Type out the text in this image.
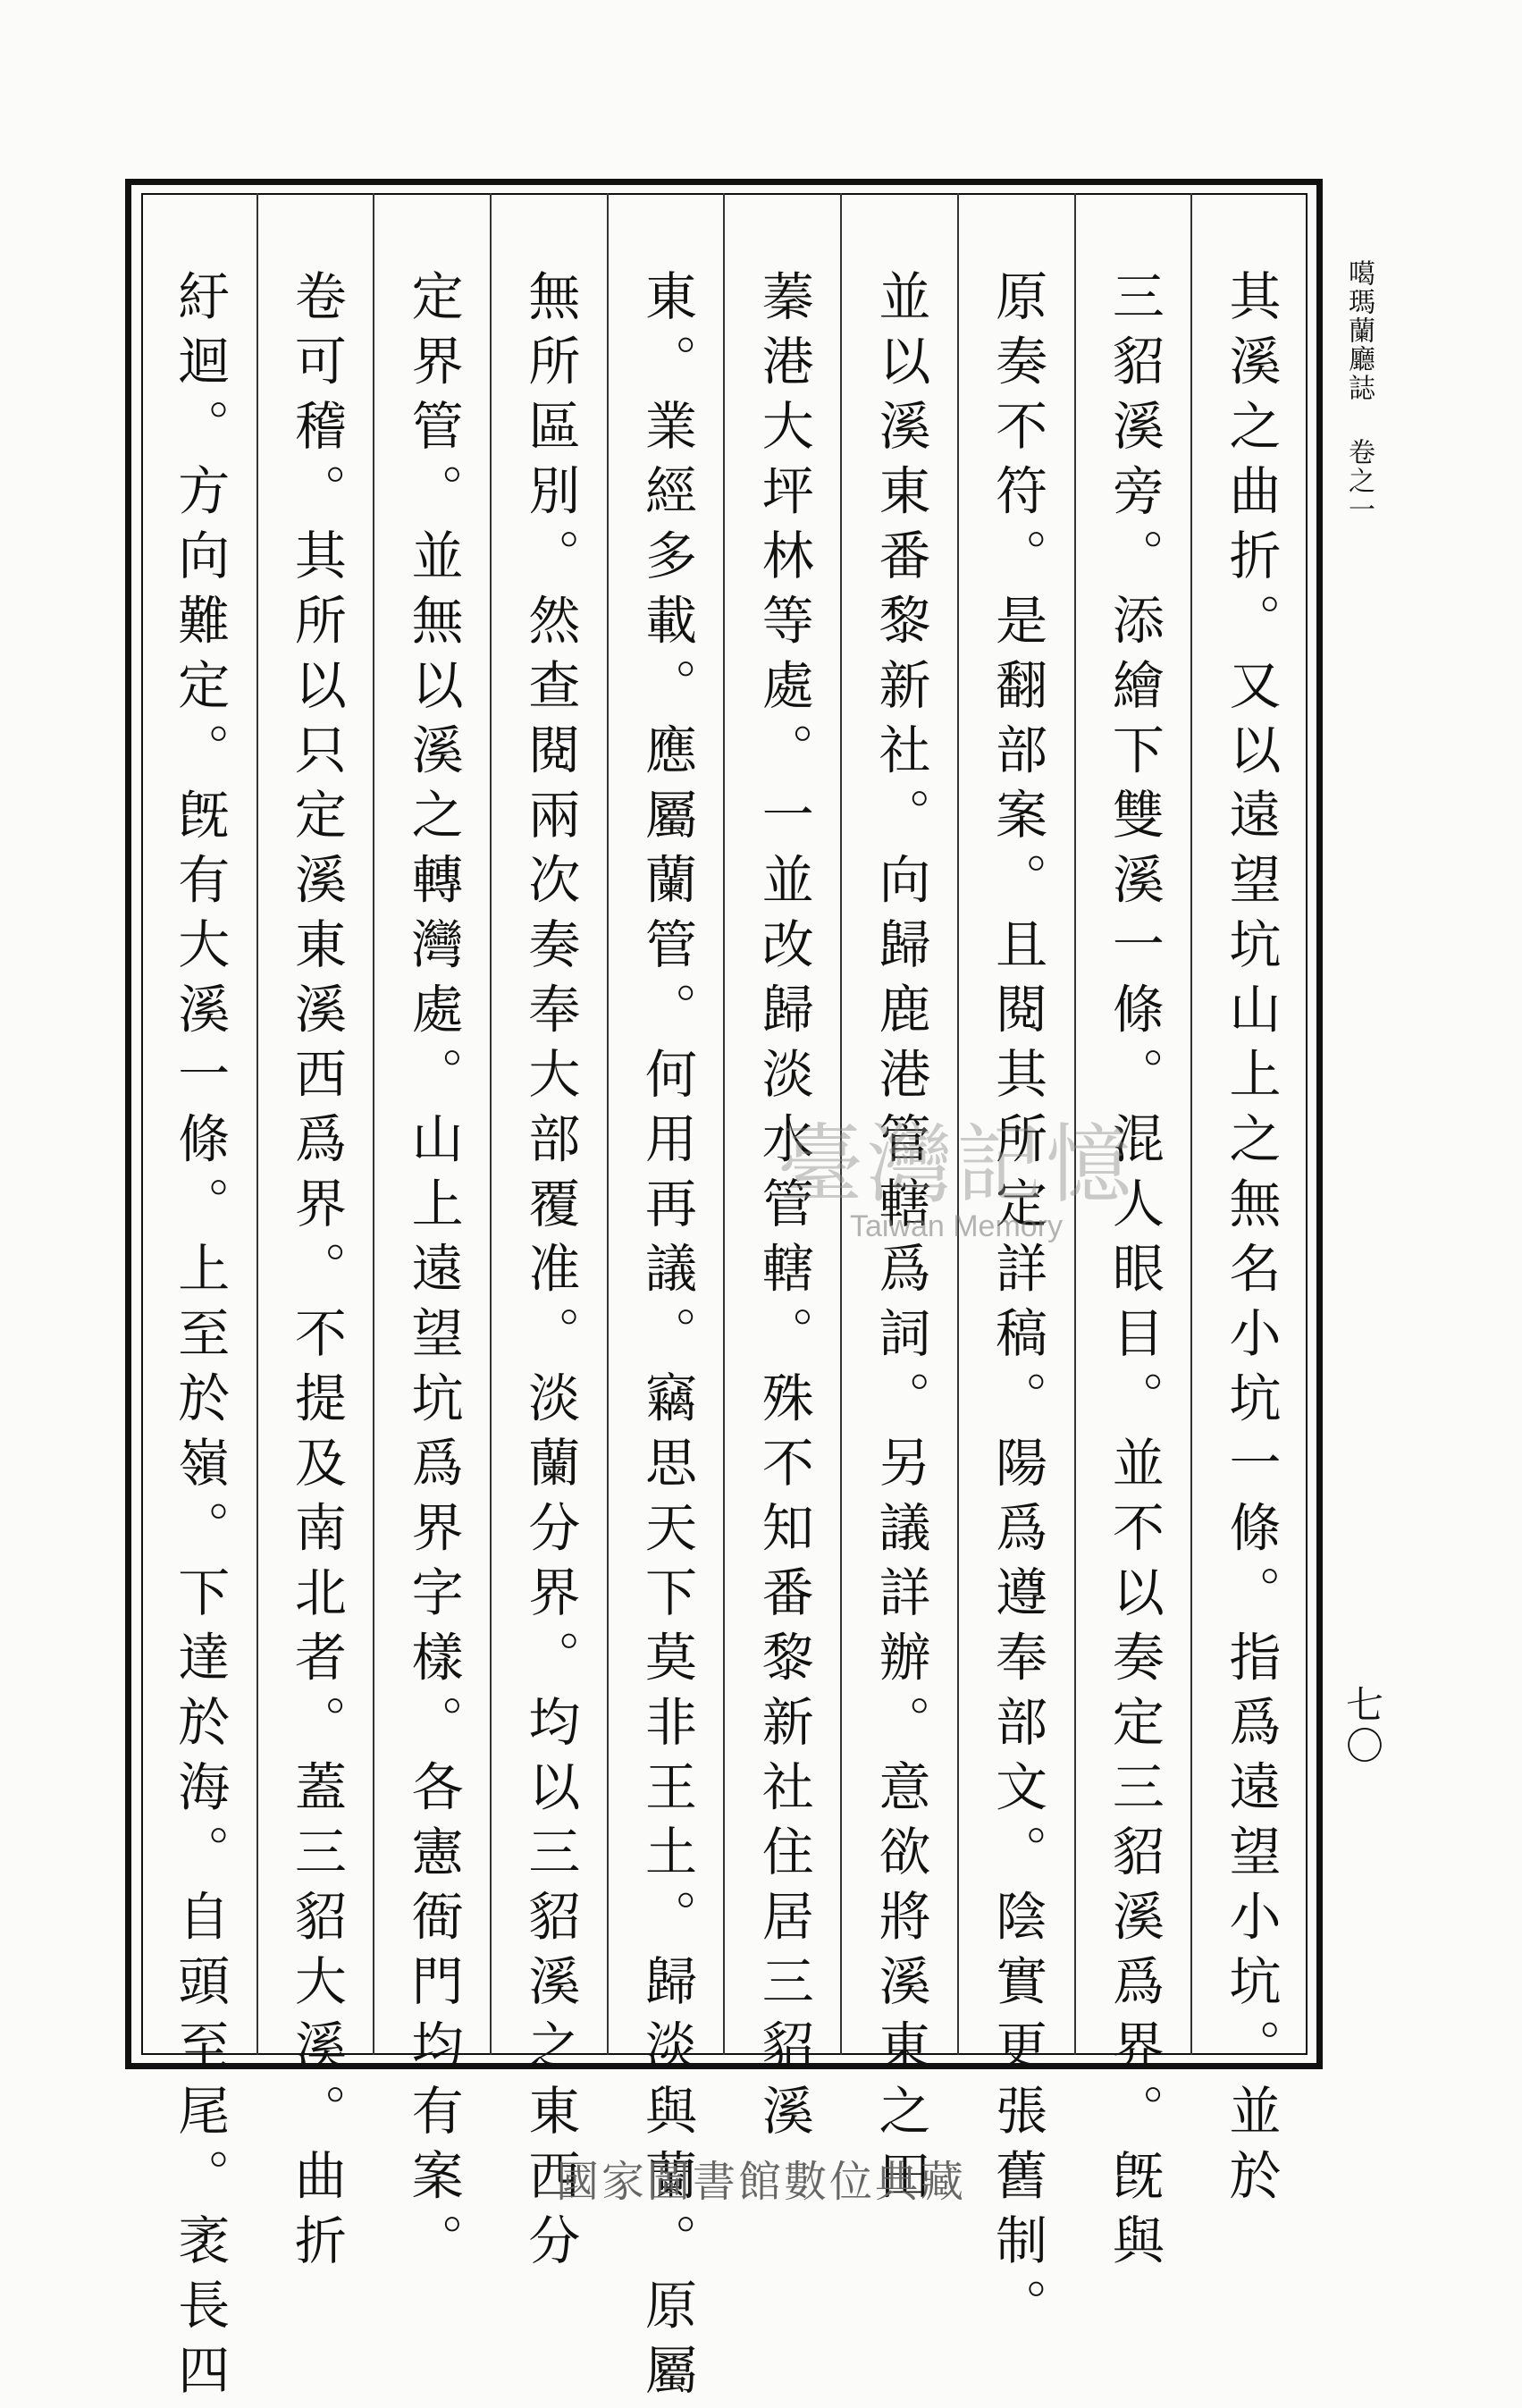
噶瑪蘭廳誌卷之一
七〇
其溪之曲折。又以遠望坑山上之無名小坑一條。指爲遠望小坑。並於
三貂溪旁。添繪下雙溪一條。混人眼目。並不以奏定三貂溪爲界。旣與
原奏不符。是翻部案。且閱其所定詳稿。陽爲遵奉部文。陰實更張舊制。
並以溪東番黎新社。向歸鹿港管轄爲詞。另議詳辦。意欲將溪東之田
蓁港大坪林等處。一並改歸淡水管轄。殊不知番黎新社住居三貂溪
東。業經多載。應屬蘭管。何用再議。竊思天下莫非王土。歸淡與蘭。原屬
無所區別。然查閱兩次奏奉大部覆准。淡蘭分界。均以三貂溪之東西分
定界管。並無以溪之轉灣處。山上遠望坑爲界字樣。各憲衙門均有案。
卷可稽。其所以只定溪東溪西爲界。不提及南北者。蓋三貂大溪。曲折
紆迴。方向難定。旣有大溪一條。上至於嶺。下達於海。自頭至尾。袤長四	臺灣記憶
Taiwan Memory
國家圖書館數位典藏
